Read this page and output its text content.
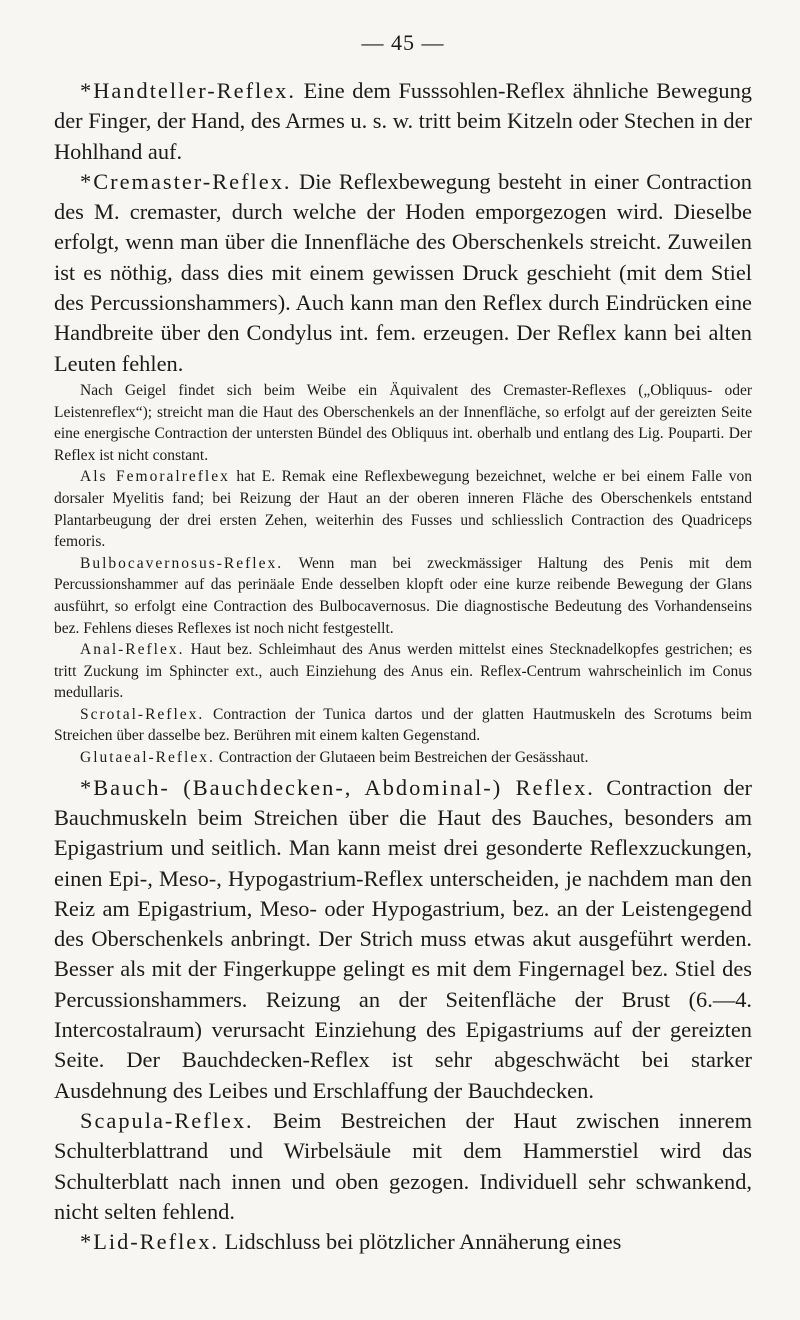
— 45 —

*Handteller-Reflex. Eine dem Fusssohlen-Reflex ähnliche Bewegung der Finger, der Hand, des Armes u. s. w. tritt beim Kitzeln oder Stechen in der Hohlhand auf.

*Cremaster-Reflex. Die Reflexbewegung besteht in einer Contraction des M. cremaster, durch welche der Hoden emporgezogen wird. Dieselbe erfolgt, wenn man über die Innenfläche des Oberschenkels streicht. Zuweilen ist es nöthig, dass dies mit einem gewissen Druck geschieht (mit dem Stiel des Percussionshammers). Auch kann man den Reflex durch Eindrücken eine Handbreite über den Condylus int. fem. erzeugen. Der Reflex kann bei alten Leuten fehlen.

Nach Geigel findet sich beim Weibe ein Äquivalent des Cremaster-Reflexes („Obliquus- oder Leistenreflex“); streicht man die Haut des Oberschenkels an der Innenfläche, so erfolgt auf der gereizten Seite eine energische Contraction der untersten Bündel des Obliquus int. oberhalb und entlang des Lig. Pouparti. Der Reflex ist nicht constant.

Als Femoralreflex hat E. Remak eine Reflexbewegung bezeichnet, welche er bei einem Falle von dorsaler Myelitis fand; bei Reizung der Haut an der oberen inneren Fläche des Oberschenkels entstand Plantarbeugung der drei ersten Zehen, weiterhin des Fusses und schliesslich Contraction des Quadriceps femoris.

Bulbocavernosus-Reflex. Wenn man bei zweckmässiger Haltung des Penis mit dem Percussionshammer auf das perinäale Ende desselben klopft oder eine kurze reibende Bewegung der Glans ausführt, so erfolgt eine Contraction des Bulbocavernosus. Die diagnostische Bedeutung des Vorhandenseins bez. Fehlens dieses Reflexes ist noch nicht festgestellt.

Anal-Reflex. Haut bez. Schleimhaut des Anus werden mittelst eines Stecknadelkopfes gestrichen; es tritt Zuckung im Sphincter ext., auch Einziehung des Anus ein. Reflex-Centrum wahrscheinlich im Conus medullaris.

Scrotal-Reflex. Contraction der Tunica dartos und der glatten Hautmuskeln des Scrotums beim Streichen über dasselbe bez. Berühren mit einem kalten Gegenstand.

Glutaeal-Reflex. Contraction der Glutaeen beim Bestreichen der Gesässhaut.

*Bauch- (Bauchdecken-, Abdominal-) Reflex. Contraction der Bauchmuskeln beim Streichen über die Haut des Bauches, besonders am Epigastrium und seitlich. Man kann meist drei gesonderte Reflexzuckungen, einen Epi-, Meso-, Hypogastrium-Reflex unterscheiden, je nachdem man den Reiz am Epigastrium, Meso- oder Hypogastrium, bez. an der Leistengegend des Oberschenkels anbringt. Der Strich muss etwas akut ausgeführt werden. Besser als mit der Fingerkuppe gelingt es mit dem Fingernagel bez. Stiel des Percussionshammers. Reizung an der Seitenfläche der Brust (6.—4. Intercostalraum) verursacht Einziehung des Epigastriums auf der gereizten Seite. Der Bauchdecken-Reflex ist sehr abgeschwächt bei starker Ausdehnung des Leibes und Erschlaffung der Bauchdecken.

Scapula-Reflex. Beim Bestreichen der Haut zwischen innerem Schulterblattrand und Wirbelsäule mit dem Hammerstiel wird das Schulterblatt nach innen und oben gezogen. Individuell sehr schwankend, nicht selten fehlend.

*Lid-Reflex. Lidschluss bei plötzlicher Annäherung eines
